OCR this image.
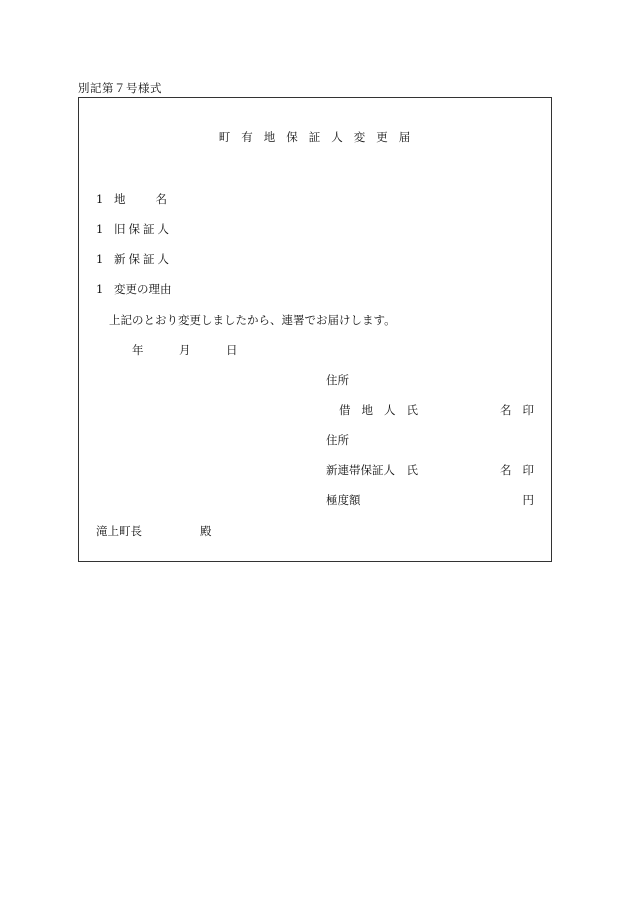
別記第７号様式
町有地保証人変更届
1 地名
1 旧保証人
1 新保証人
1 変更の理由
上記のとおり変更しましたから、連署でお届けします。
年	月	日
住所
借地人氏	名印
住所
新連帯保証人　氏	名印
極度額	円
滝上町長	殿
